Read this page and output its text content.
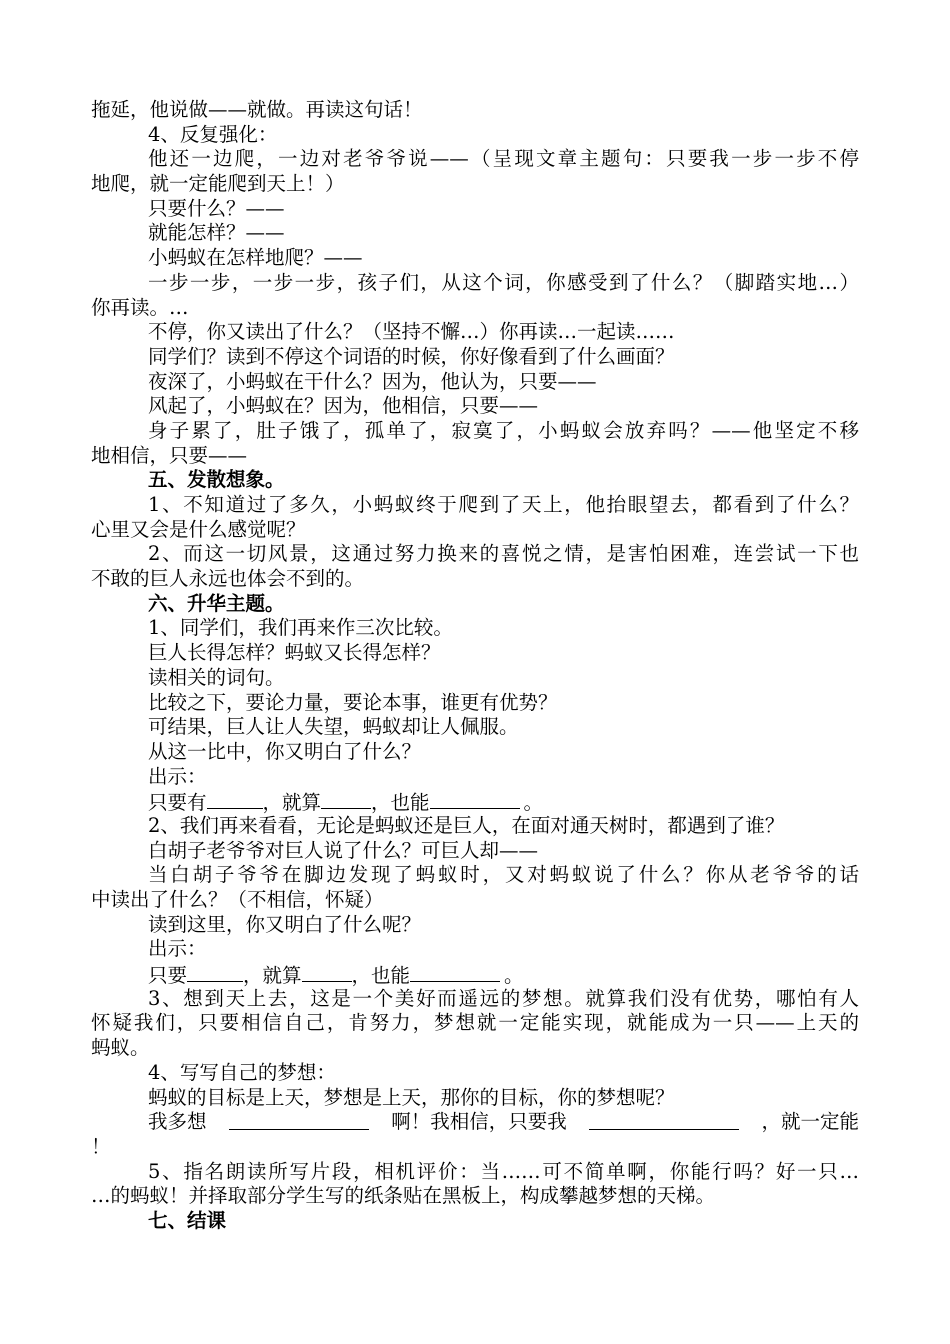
拖延，他说做——就做。再读这句话！
4、反复强化：
他还一边爬，一边对老爷爷说——（呈现文章主题句：只要我一步一步不停
地爬，就一定能爬到天上！）
只要什么？——
就能怎样？——
小蚂蚁在怎样地爬？——
一步一步，一步一步，孩子们，从这个词，你感受到了什么？（脚踏实地…）
你再读。…
不停，你又读出了什么？（坚持不懈…）你再读…一起读……
同学们？读到不停这个词语的时候，你好像看到了什么画面？
夜深了，小蚂蚁在干什么？因为，他认为，只要——
风起了，小蚂蚁在？因为，他相信，只要——
身子累了，肚子饿了，孤单了，寂寞了，小蚂蚁会放弃吗？——他坚定不移
地相信，只要——
五、发散想象。
1、不知道过了多久，小蚂蚁终于爬到了天上，他抬眼望去，都看到了什么？
心里又会是什么感觉呢？
2、而这一切风景，这通过努力换来的喜悦之情，是害怕困难，连尝试一下也
不敢的巨人永远也体会不到的。
六、升华主题。
1、同学们，我们再来作三次比较。
巨人长得怎样？蚂蚁又长得怎样？
读相关的词句。
比较之下，要论力量，要论本事，谁更有优势？
可结果，巨人让人失望，蚂蚁却让人佩服。
从这一比中，你又明白了什么？
出示：
只要有	，就算	，也能	。
2、我们再来看看，无论是蚂蚁还是巨人，在面对通天树时，都遇到了谁？
白胡子老爷爷对巨人说了什么？可巨人却——
当白胡子爷爷在脚边发现了蚂蚁时，又对蚂蚁说了什么？你从老爷爷的话
中读出了什么？（不相信，怀疑）
读到这里，你又明白了什么呢？
出示：
只要	，就算	，也能	。
3、想到天上去，这是一个美好而遥远的梦想。就算我们没有优势，哪怕有人
怀疑我们，只要相信自己，肯努力，梦想就一定能实现，就能成为一只——上天的
蚂蚁。
4、写写自己的梦想：
蚂蚁的目标是上天，梦想是上天，那你的目标，你的梦想呢？
我多想	啊！我相信，只要我	，就一定能
！
5、指名朗读所写片段，相机评价：当……可不简单啊，你能行吗？好一只…
…的蚂蚁！并择取部分学生写的纸条贴在黑板上，构成攀越梦想的天梯。
七、结课
